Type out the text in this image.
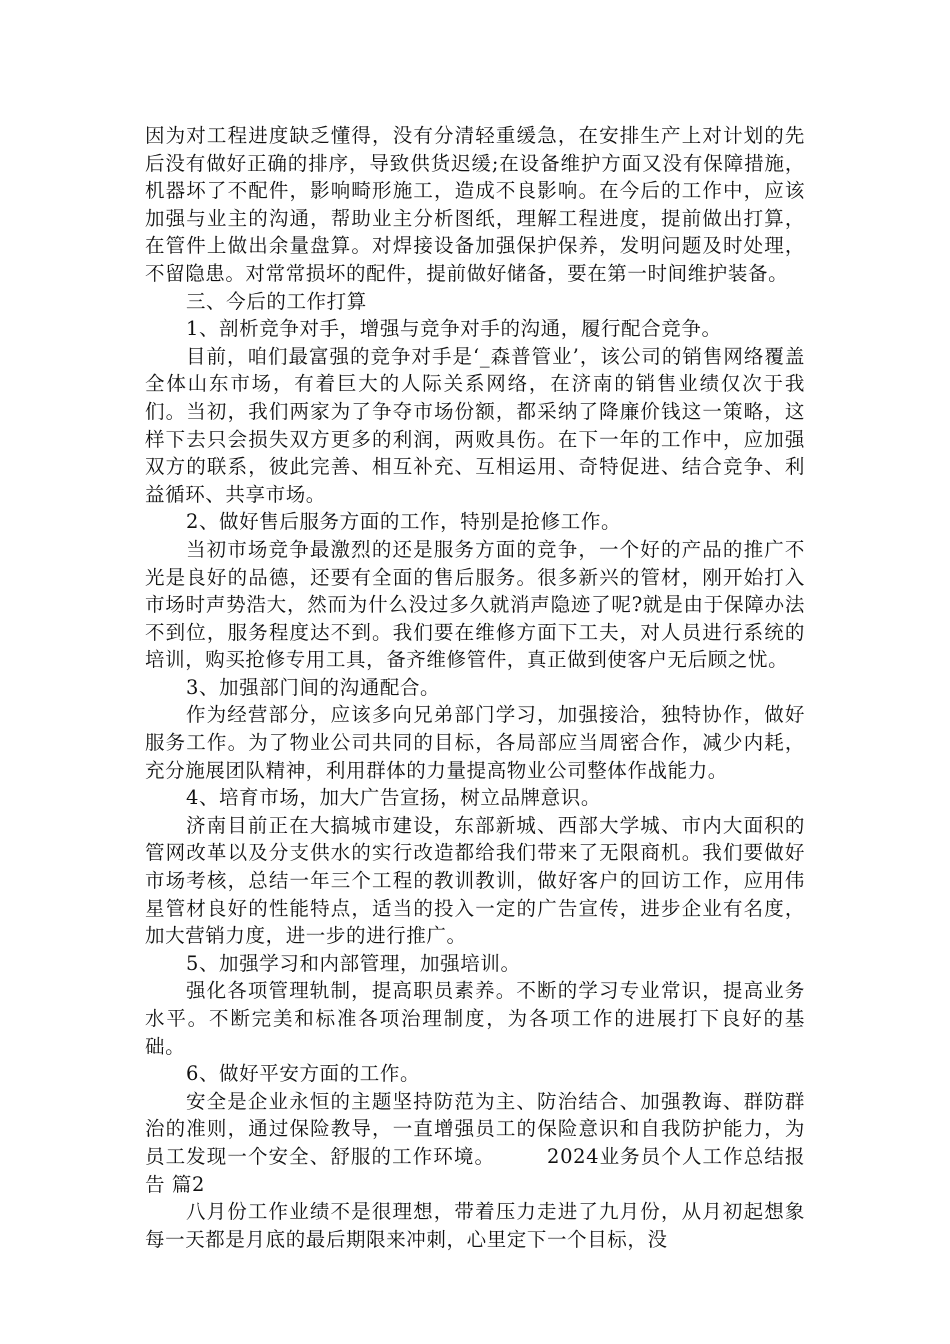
因为对工程进度缺乏懂得，没有分清轻重缓急，在安排生产上对计划的先后没有做好正确的排序，导致供货迟缓;在设备维护方面又没有保障措施，机器坏了不配件，影响畸形施工，造成不良影响。在今后的工作中，应该加强与业主的沟通，帮助业主分析图纸，理解工程进度，提前做出打算，在管件上做出余量盘算。对焊接设备加强保护保养，发明问题及时处理，不留隐患。对常常损坏的配件，提前做好储备，要在第一时间维护装备。

三、今后的工作打算

1、剖析竞争对手，增强与竞争对手的沟通，履行配合竞争。

目前，咱们最富强的竞争对手是‘_森普管业’，该公司的销售网络覆盖全体山东市场，有着巨大的人际关系网络，在济南的销售业绩仅次于我们。当初，我们两家为了争夺市场份额，都采纳了降廉价钱这一策略，这样下去只会损失双方更多的利润，两败具伤。在下一年的工作中，应加强双方的联系，彼此完善、相互补充、互相运用、奇特促进、结合竞争、利益循环、共享市场。

2、做好售后服务方面的工作，特别是抢修工作。

当初市场竞争最激烈的还是服务方面的竞争，一个好的产品的推广不光是良好的品德，还要有全面的售后服务。很多新兴的管材，刚开始打入市场时声势浩大，然而为什么没过多久就消声隐迹了呢?就是由于保障办法不到位，服务程度达不到。我们要在维修方面下工夫，对人员进行系统的培训，购买抢修专用工具，备齐维修管件，真正做到使客户无后顾之忧。

3、加强部门间的沟通配合。

作为经营部分，应该多向兄弟部门学习，加强接洽，独特协作，做好服务工作。为了物业公司共同的目标，各局部应当周密合作，减少内耗，充分施展团队精神，利用群体的力量提高物业公司整体作战能力。

4、培育市场，加大广告宣扬，树立品牌意识。

济南目前正在大搞城市建设，东部新城、西部大学城、市内大面积的管网改革以及分支供水的实行改造都给我们带来了无限商机。我们要做好市场考核，总结一年三个工程的教训教训，做好客户的回访工作，应用伟星管材良好的性能特点，适当的投入一定的广告宣传，进步企业有名度，加大营销力度，进一步的进行推广。

5、加强学习和内部管理，加强培训。

强化各项管理轨制，提高职员素养。不断的学习专业常识，提高业务水平。不断完美和标准各项治理制度，为各项工作的进展打下良好的基础。

6、做好平安方面的工作。

安全是企业永恒的主题坚持防范为主、防治结合、加强教诲、群防群治的准则，通过保险教导，一直增强员工的保险意识和自我防护能力，为员工发现一个安全、舒服的工作环境。　　　2024业务员个人工作总结报告 篇2

八月份工作业绩不是很理想，带着压力走进了九月份，从月初起想象每一天都是月底的最后期限来冲刺，心里定下一个目标，没
